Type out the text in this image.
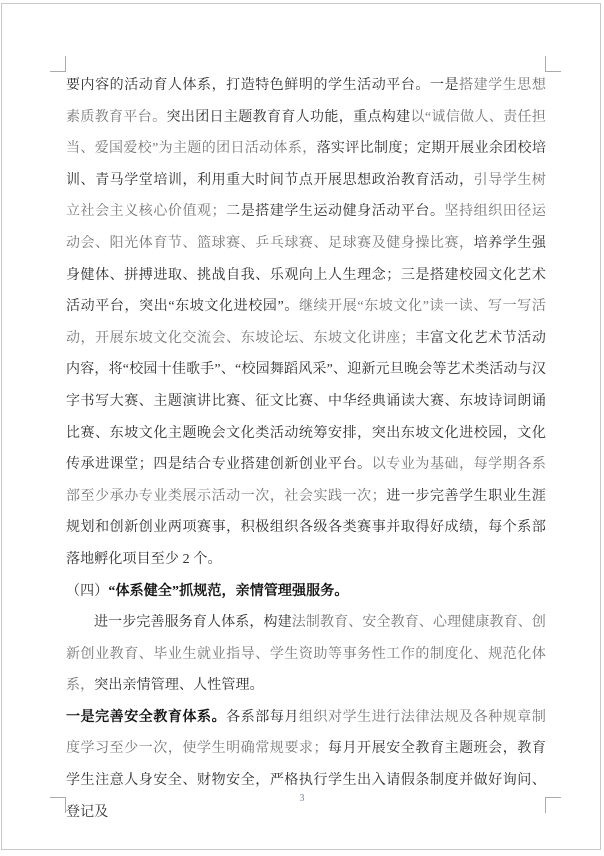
要内容的活动育人体系，打造特色鲜明的学生活动平台。一是搭建学生思想素质教育平台。突出团日主题教育育人功能，重点构建以“诚信做人、责任担当、爱国爱校”为主题的团日活动体系，落实评比制度；定期开展业余团校培训、青马学堂培训，利用重大时间节点开展思想政治教育活动，引导学生树立社会主义核心价值观；二是搭建学生运动健身活动平台。坚持组织田径运动会、阳光体育节、篮球赛、乒乓球赛、足球赛及健身操比赛，培养学生强身健体、拼搏进取、挑战自我、乐观向上人生理念；三是搭建校园文化艺术活动平台，突出“东坡文化进校园”。继续开展“东坡文化”读一读、写一写活动，开展东坡文化交流会、东坡论坛、东坡文化讲座；丰富文化艺术节活动内容，将“校园十佳歌手”、“校园舞蹈风采”、迎新元旦晚会等艺术类活动与汉字书写大赛、主题演讲比赛、征文比赛、中华经典诵读大赛、东坡诗词朗诵比赛、东坡文化主题晚会文化类活动统筹安排，突出东坡文化进校园，文化传承进课堂；四是结合专业搭建创新创业平台。以专业为基础，每学期各系部至少承办专业类展示活动一次，社会实践一次；进一步完善学生职业生涯规划和创新创业两项赛事，积极组织各级各类赛事并取得好成绩，每个系部落地孵化项目至少 2 个。

（四）“体系健全”抓规范，亲情管理强服务。

进一步完善服务育人体系，构建法制教育、安全教育、心理健康教育、创新创业教育、毕业生就业指导、学生资助等事务性工作的制度化、规范化体系，突出亲情管理、人性管理。

一是完善安全教育体系。各系部每月组织对学生进行法律法规及各种规章制度学习至少一次，使学生明确常规要求；每月开展安全教育主题班会，教育学生注意人身安全、财物安全，严格执行学生出入请假条制度并做好询问、登记及

3
